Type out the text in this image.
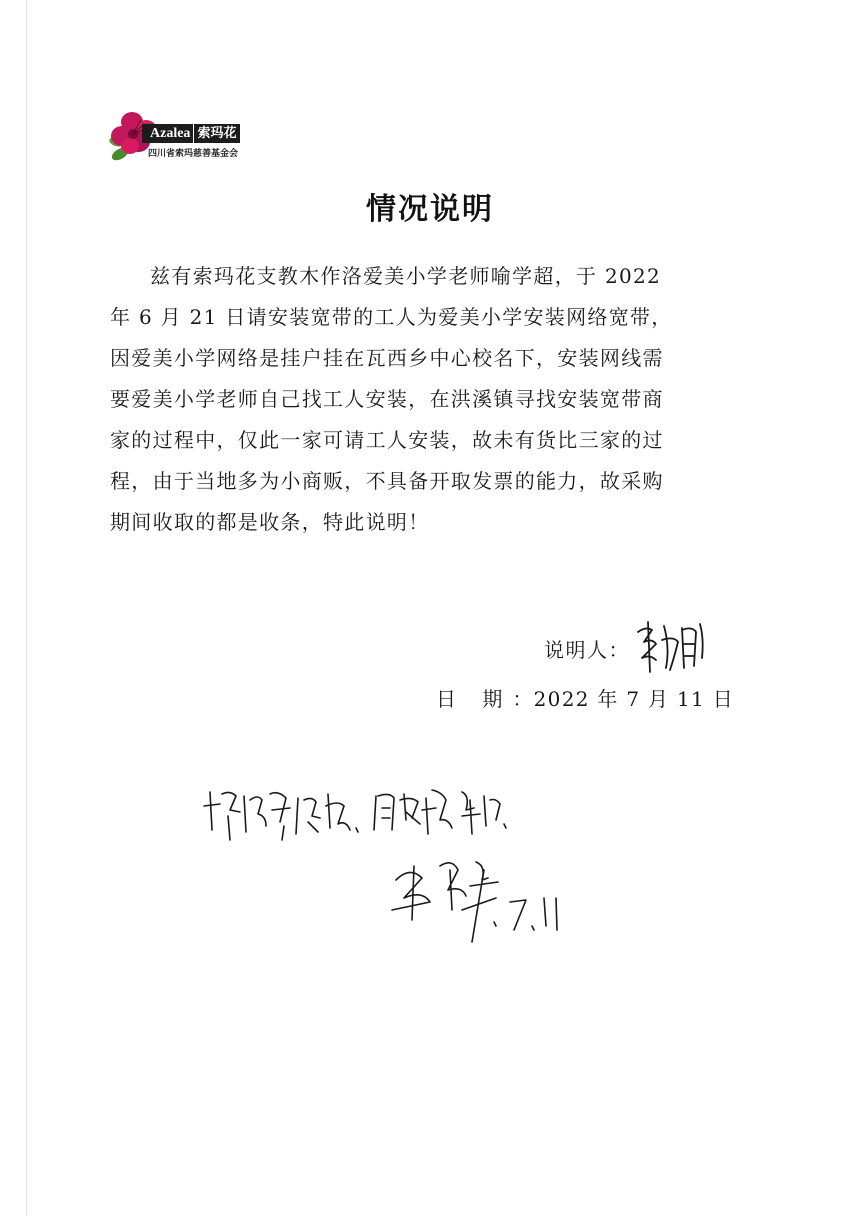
Azalea 索玛花
四川省索玛慈善基金会
情况说明
兹有索玛花支教木作洛爱美小学老师喻学超，于 2022
年 6 月 21 日请安装宽带的工人为爱美小学安装网络宽带，
因爱美小学网络是挂户挂在瓦西乡中心校名下，安装网线需
要爱美小学老师自己找工人安装，在洪溪镇寻找安装宽带商
家的过程中，仅此一家可请工人安装，故未有货比三家的过
程，由于当地多为小商贩，不具备开取发票的能力，故采购
期间收取的都是收条，特此说明！
说明人：
日 期：2022 年 7 月 11 日
